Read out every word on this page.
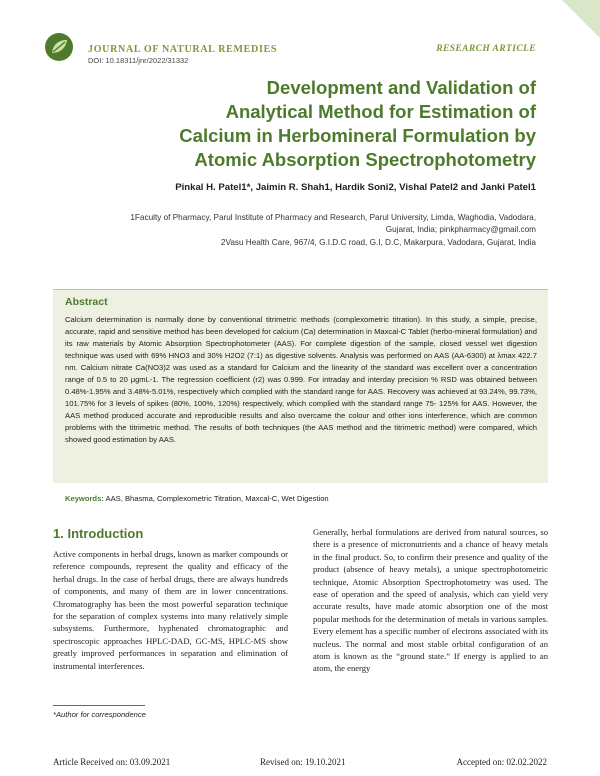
JOURNAL OF NATURAL REMEDIES
DOI: 10.18311/jnr/2022/31332
RESEARCH ARTICLE
Development and Validation of
Analytical Method for Estimation of
Calcium in Herbomineral Formulation by
Atomic Absorption Spectrophotometry
Pinkal H. Patel1*, Jaimin R. Shah1, Hardik Soni2, Vishal Patel2 and Janki Patel1
1Faculty of Pharmacy, Parul Institute of Pharmacy and Research, Parul University, Limda, Waghodia, Vadodara, Gujarat, India; pinkpharmacy@gmail.com
2Vasu Health Care, 967/4, G.I.D.C road, G.I, D.C, Makarpura, Vadodara, Gujarat, India
Abstract
Calcium determination is normally done by conventional titrimetric methods (complexometric titration). In this study, a simple, precise, accurate, rapid and sensitive method has been developed for calcium (Ca) determination in Maxcal-C Tablet (herbo-mineral formulation) and its raw materials by Atomic Absorption Spectrophotometer (AAS). For complete digestion of the sample, closed vessel wet digestion technique was used with 69% HNO3 and 30% H2O2 (7:1) as digestive solvents. Analysis was performed on AAS (AA-6300) at λmax 422.7 nm. Calcium nitrate Ca(NO3)2 was used as a standard for Calcium and the linearity of the standard was excellent over a concentration range of 0.5 to 20 μgmL-1. The regression coefficient (r2) was 0.999. For intraday and interday precision % RSD was obtained between 0.48%-1.95% and 3.48%-5.01%, respectively which complied with the standard range for AAS. Recovery was achieved at 93.24%, 99.73%, 101.75% for 3 levels of spikes (80%, 100%, 120%) respectively, which complied with the standard range 75- 125% for AAS. However, the AAS method produced accurate and reproducible results and also overcame the colour and other ions interference, which are common problems with the titrimetric method. The results of both techniques (the AAS method and the titrimetric method) were compared, which showed good estimation by AAS.
Keywords: AAS, Bhasma, Complexometric Titration, Maxcal-C, Wet Digestion
1. Introduction
Active components in herbal drugs, known as marker compounds or reference compounds, represent the quality and efficacy of the herbal drugs. In the case of herbal drugs, there are always hundreds of components, and many of them are in lower concentrations. Chromatography has been the most powerful separation technique for the separation of complex systems into many relatively simple subsystems. Furthermore, hyphenated chromatographic and spectroscopic approaches HPLC-DAD, GC-MS, HPLC-MS show greatly improved performances in separation and elimination of instrumental interferences.
Generally, herbal formulations are derived from natural sources, so there is a presence of micronutrients and a chance of heavy metals in the final product. So, to confirm their presence and quality of the product (absence of heavy metals), a unique spectrophotometric technique, Atomic Absorption Spectrophotometry was used. The ease of operation and the speed of analysis, which can yield very accurate results, have made atomic absorption one of the most popular methods for the determination of metals in various samples. Every element has a specific number of electrons associated with its nucleus. The normal and most stable orbital configuration of an atom is known as the “ground state.” If energy is applied to an atom, the energy
*Author for correspondence
Article Received on: 03.09.2021	Revised on: 19.10.2021	Accepted on: 02.02.2022
